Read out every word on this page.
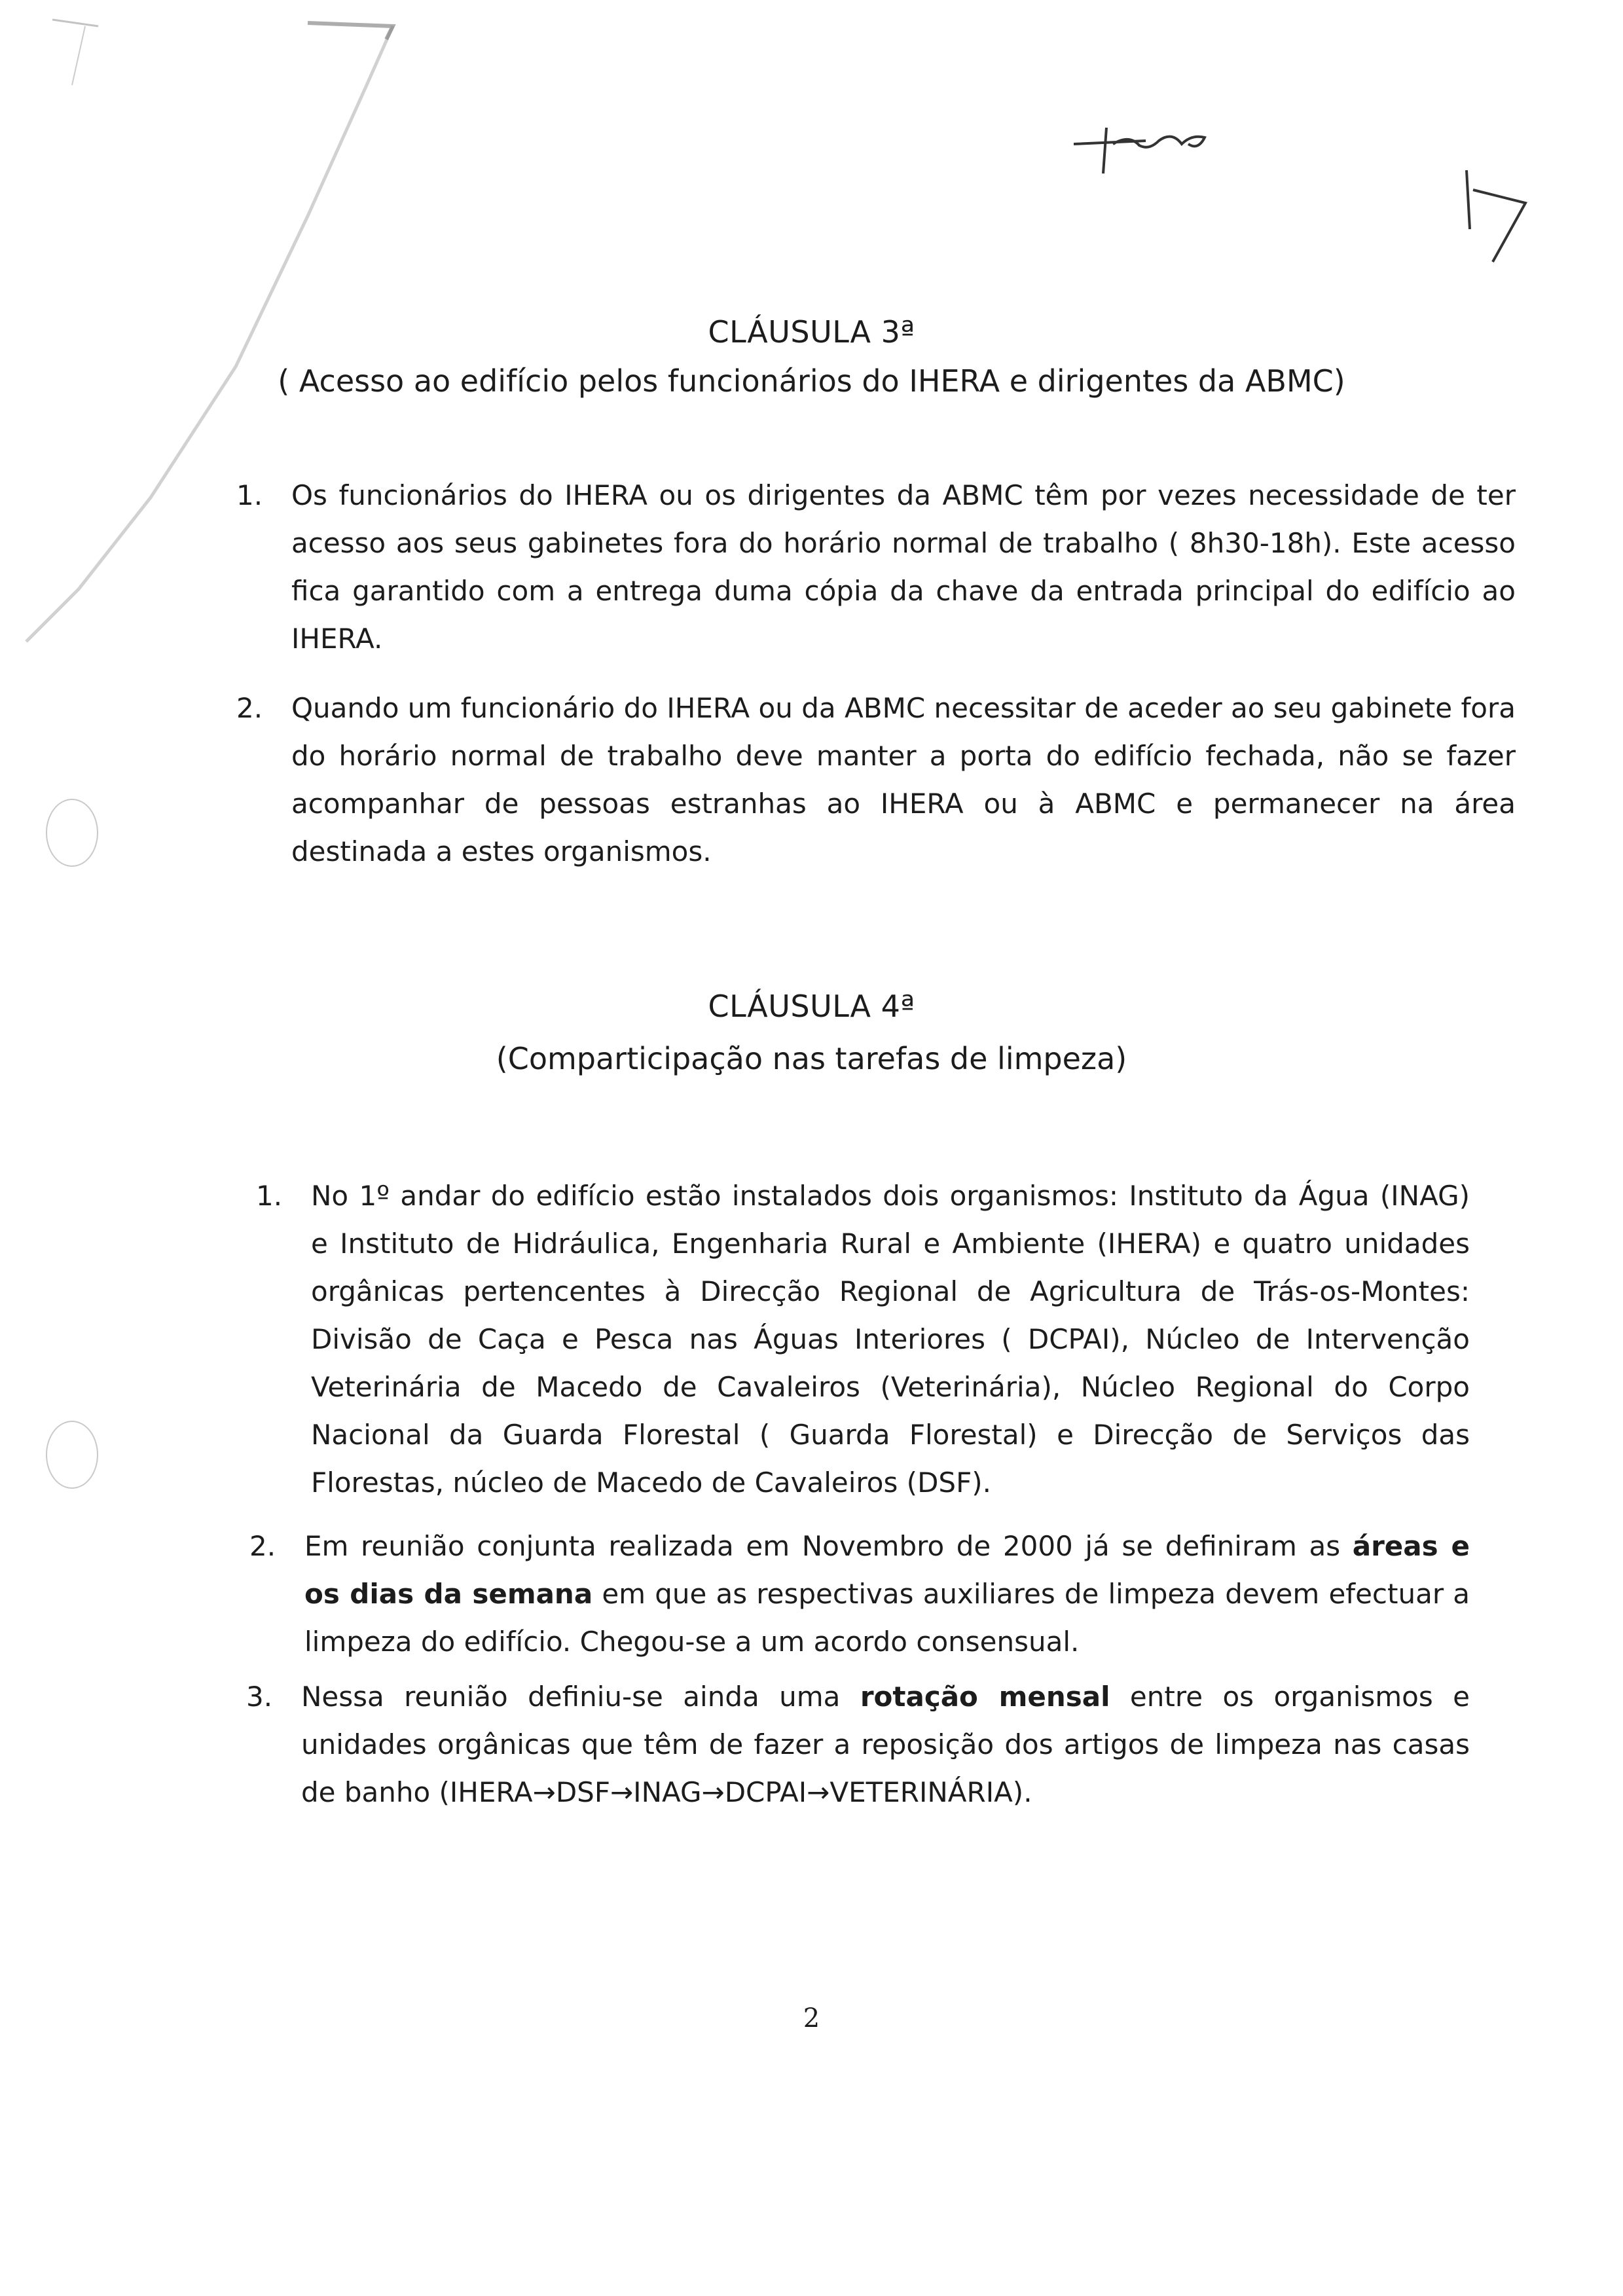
CLÁUSULA 3ª
( Acesso ao edifício pelos funcionários do IHERA e dirigentes da ABMC)
1. Os funcionários do IHERA ou os dirigentes da ABMC têm por vezes necessidade de ter acesso aos seus gabinetes fora do horário normal de trabalho ( 8h30-18h). Este acesso fica garantido com a entrega duma cópia da chave da entrada principal do edifício ao IHERA.
2. Quando um funcionário do IHERA ou da ABMC necessitar de aceder ao seu gabinete fora do horário normal de trabalho deve manter a porta do edifício fechada, não se fazer acompanhar de pessoas estranhas ao IHERA ou à ABMC e permanecer na área destinada a estes organismos.
CLÁUSULA 4ª
(Comparticipação nas tarefas de limpeza)
1. No 1º andar do edifício estão instalados dois organismos: Instituto da Água (INAG) e Instituto de Hidráulica, Engenharia Rural e Ambiente (IHERA) e quatro unidades orgânicas pertencentes à Direcção Regional de Agricultura de Trás-os-Montes: Divisão de Caça e Pesca nas Águas Interiores ( DCPAI), Núcleo de Intervenção Veterinária de Macedo de Cavaleiros (Veterinária), Núcleo Regional do Corpo Nacional da Guarda Florestal ( Guarda Florestal) e Direcção de Serviços das Florestas, núcleo de Macedo de Cavaleiros (DSF).
2. Em reunião conjunta realizada em Novembro de 2000 já se definiram as áreas e os dias da semana em que as respectivas auxiliares de limpeza devem efectuar a limpeza do edifício. Chegou-se a um acordo consensual.
3. Nessa reunião definiu-se ainda uma rotação mensal entre os organismos e unidades orgânicas que têm de fazer a reposição dos artigos de limpeza nas casas de banho (IHERA→DSF→INAG→DCPAI→VETERINÁRIA).
2
